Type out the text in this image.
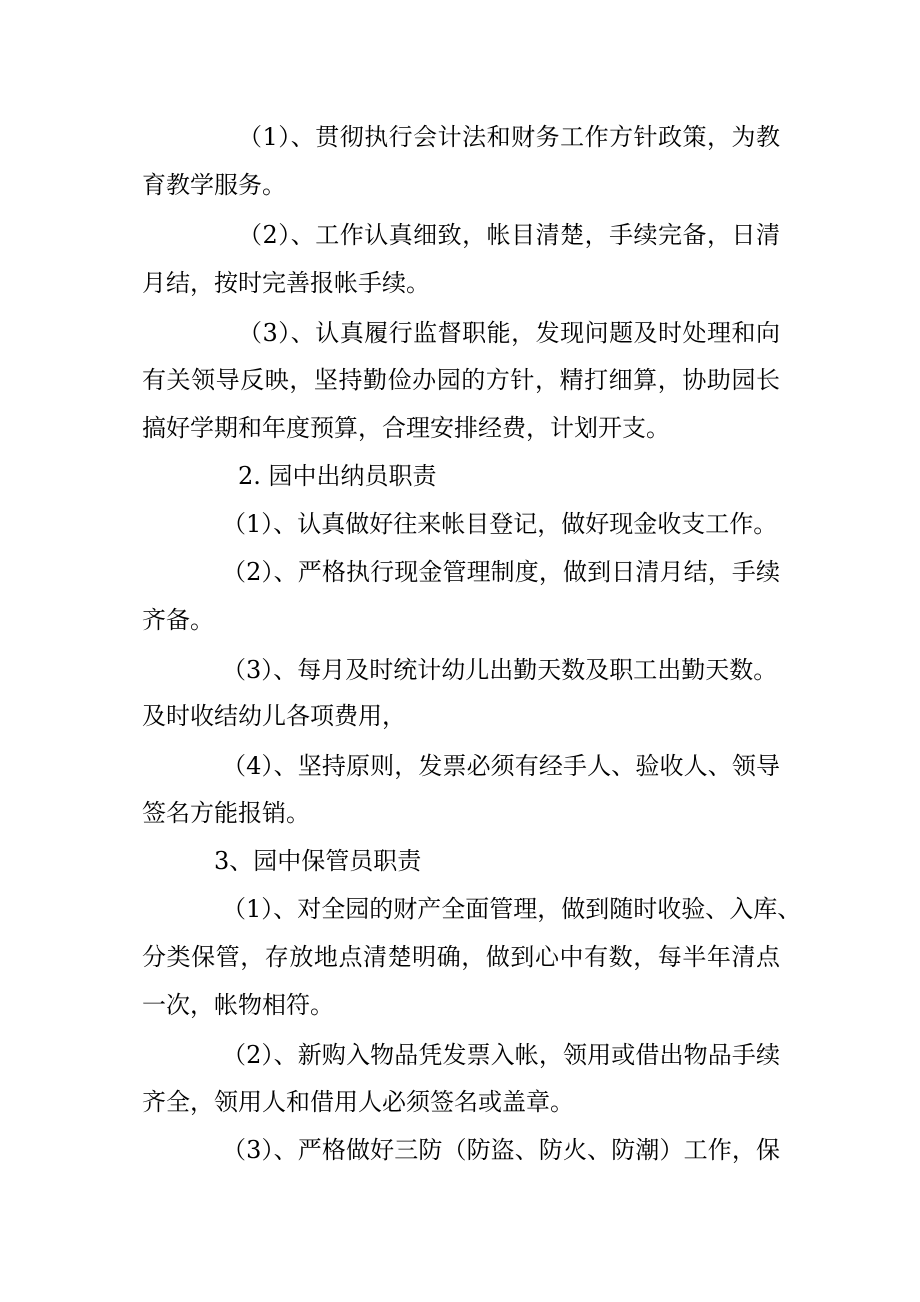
（1）、贯彻执行会计法和财务工作方针政策，为教
育教学服务。
（2）、工作认真细致，帐目清楚，手续完备，日清
月结，按时完善报帐手续。
（3）、认真履行监督职能，发现问题及时处理和向
有关领导反映，坚持勤俭办园的方针，精打细算，协助园长
搞好学期和年度预算，合理安排经费，计划开支。
2. 园中出纳员职责
（1）、认真做好往来帐目登记，做好现金收支工作。
（2）、严格执行现金管理制度，做到日清月结，手续
齐备。
（3）、每月及时统计幼儿出勤天数及职工出勤天数。
及时收结幼儿各项费用，
（4）、坚持原则，发票必须有经手人、验收人、领导
签名方能报销。
3、园中保管员职责
（1）、对全园的财产全面管理，做到随时收验、入库、
分类保管，存放地点清楚明确，做到心中有数，每半年清点
一次，帐物相符。
（2）、新购入物品凭发票入帐，领用或借出物品手续
齐全，领用人和借用人必须签名或盖章。
（3）、严格做好三防（防盗、防火、防潮）工作，保
